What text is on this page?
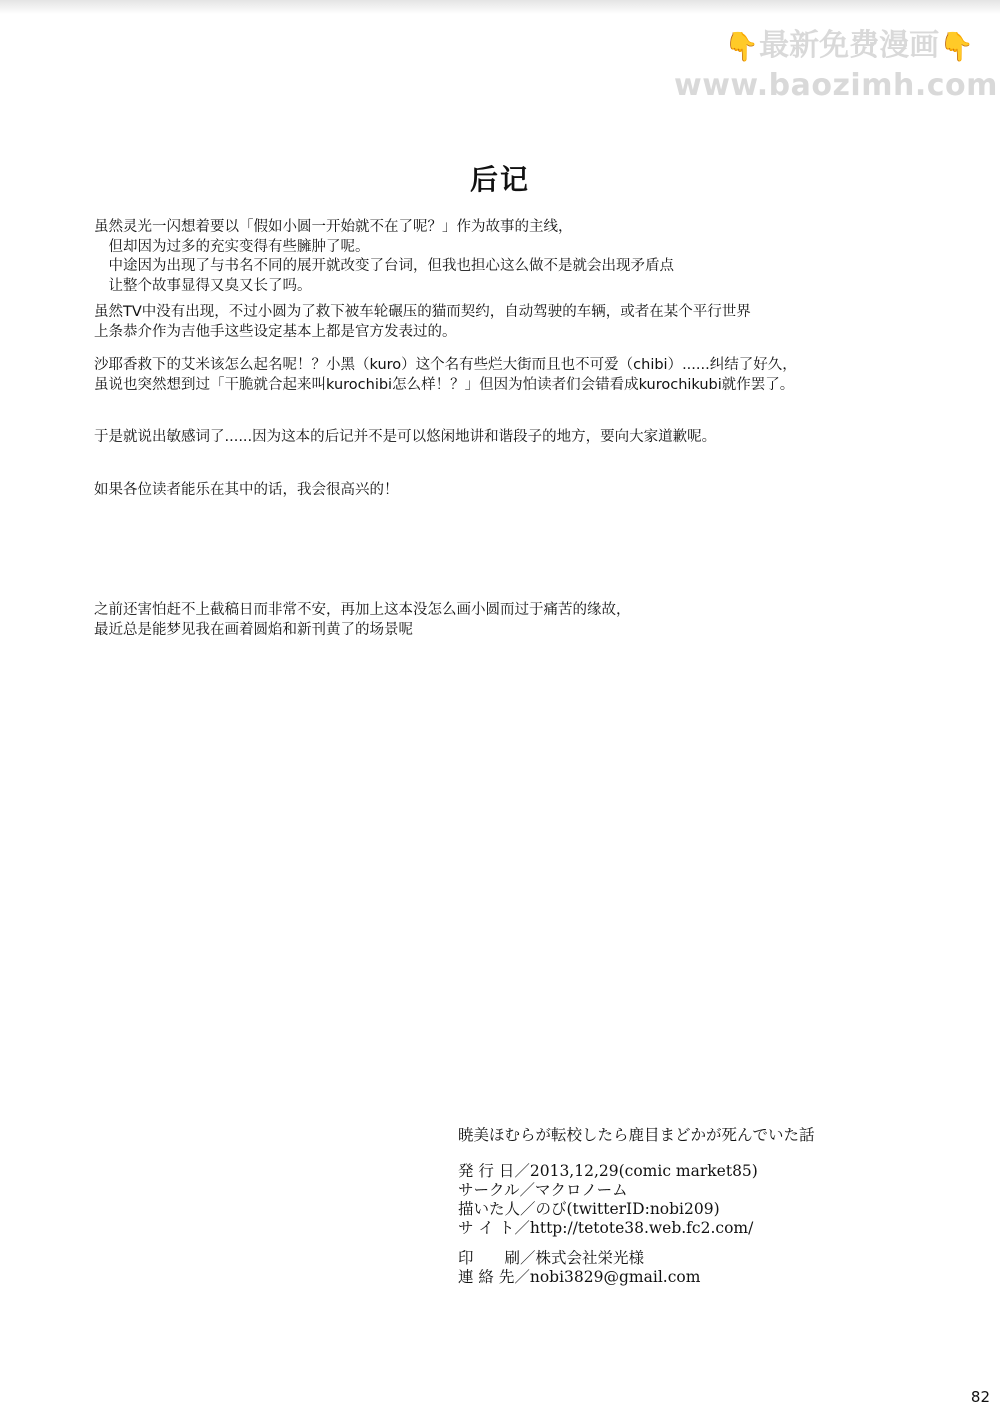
👇最新免费漫画👇
www.baozimh.com
后记
虽然灵光一闪想着要以「假如小圆一开始就不在了呢？」作为故事的主线，
　但却因为过多的充实变得有些臃肿了呢。
　中途因为出现了与书名不同的展开就改变了台词，但我也担心这么做不是就会出现矛盾点
　让整个故事显得又臭又长了吗。
虽然TV中没有出现，不过小圆为了救下被车轮碾压的猫而契约，自动驾驶的车辆，或者在某个平行世界
上条恭介作为吉他手这些设定基本上都是官方发表过的。
沙耶香救下的艾米该怎么起名呢！？小黑（kuro）这个名有些烂大街而且也不可爱（chibi）......纠结了好久，
虽说也突然想到过「干脆就合起来叫kurochibi怎么样！？」但因为怕读者们会错看成kurochikubi就作罢了。
于是就说出敏感词了......因为这本的后记并不是可以悠闲地讲和谐段子的地方，要向大家道歉呢。
如果各位读者能乐在其中的话，我会很高兴的！
之前还害怕赶不上截稿日而非常不安，再加上这本没怎么画小圆而过于痛苦的缘故，
最近总是能梦见我在画着圆焰和新刊黄了的场景呢
暁美ほむらが転校したら鹿目まどかが死んでいた話
発 行 日／2013,12,29(comic market85)
サークル／マクロノーム
描いた人／のび(twitterID:nobi209)
サ イ ト／http://tetote38.web.fc2.com/
印　　刷／株式会社栄光様
連 絡 先／nobi3829@gmail.com
82
